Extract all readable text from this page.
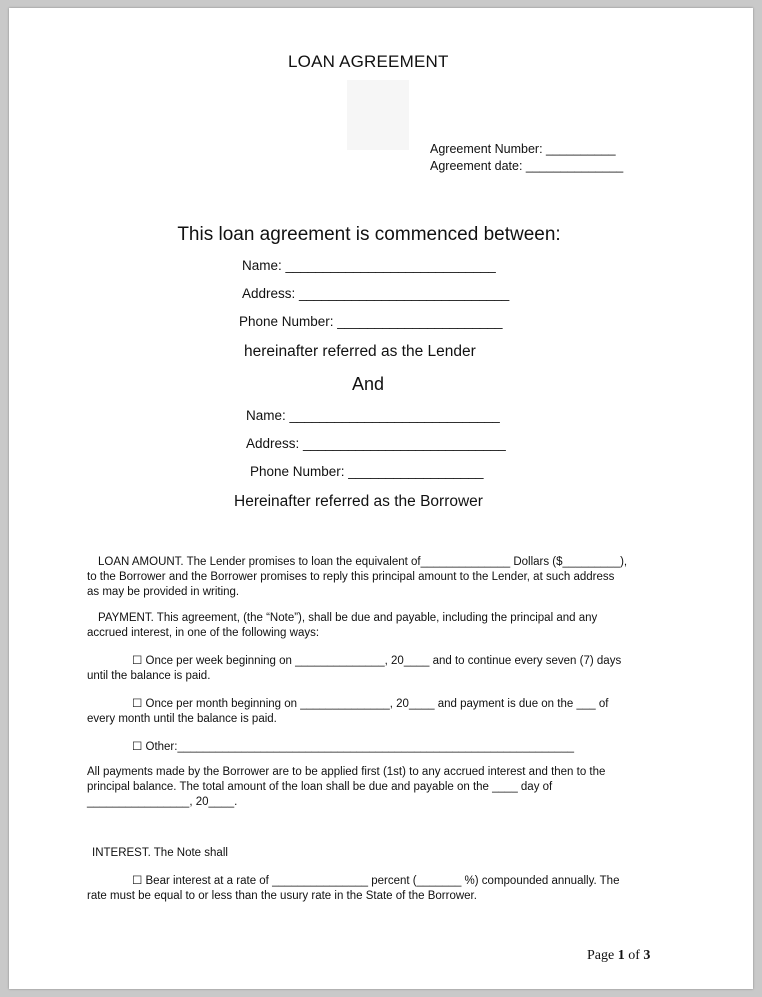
LOAN AGREEMENT
Agreement Number: __________
Agreement date: ______________
This loan agreement is commenced between:
Name: ____________________________
Address: ____________________________
Phone Number: ______________________
hereinafter referred as the Lender
And
Name: ____________________________
Address: ___________________________
Phone Number: __________________
Hereinafter referred as the Borrower
LOAN AMOUNT. The Lender promises to loan the equivalent of______________ Dollars ($_________),
to the Borrower and the Borrower promises to reply this principal amount to the Lender, at such address
as may be provided in writing.
PAYMENT. This agreement, (the “Note”), shall be due and payable, including the principal and any
accrued interest, in one of the following ways:
☐ Once per week beginning on ______________, 20____ and to continue every seven (7) days
until the balance is paid.
☐ Once per month beginning on ______________, 20____ and payment is due on the ___ of
every month until the balance is paid.
☐ Other:______________________________________________________________
All payments made by the Borrower are to be applied first (1st) to any accrued interest and then to the
principal balance. The total amount of the loan shall be due and payable on the ____ day of
________________, 20____.
INTEREST. The Note shall
☐ Bear interest at a rate of _______________ percent (_______ %) compounded annually. The
rate must be equal to or less than the usury rate in the State of the Borrower.
Page 1 of 3
